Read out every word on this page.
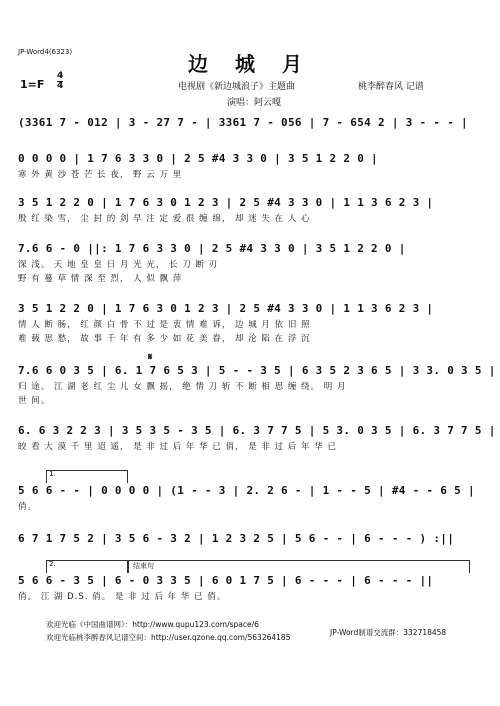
JP-Word4(6323)	边 城 月
1=F
4
4	电视剧《新边城浪子》主题曲
演唱：阿云嘎
桃李醉春风 记谱
(3361 7 - 012 | 3 - 27 7 - | 3361 7 - 056 | 7 - 654 2 | 3 - - - |
0 0 0 0 | 1 7 6 3 3 0 | 2 5 #4 3 3 0 | 3 5 1 2 2 0 |
寒 外 黄 沙 苍 芒 长 夜， 野 云 万 里
3 5 1 2 2 0 | 1 7 6 3 0 1 2 3 | 2 5 #4 3 3 0 | 1 1 3 6 2 3 |
殷 红 染 雪， 尘 封 的 剑 早 注 定 爱 很 缠 绵， 却 迷 失 在 人 心
7.6 6 - 0 ||: 1 7 6 3 3 0 | 2 5 #4 3 3 0 | 3 5 1 2 2 0 |
深 浅。 天 地 皇 皇 日 月 光 光， 长 刀 断 刃
野 有 蔓 草 情 深 至 烈， 人 似 飘 萍
3 5 1 2 2 0 | 1 7 6 3 0 1 2 3 | 2 5 #4 3 3 0 | 1 1 3 6 2 3 |
情 人 断 肠， 红 颜 白 骨 不 过 是 衷 情 难 诉， 边 城 月 依 旧 照
难 载 思 愁， 故 事 千 年 有 多 少 如 花 美 眷， 却 沦 陷 在 浮 沉
𝄋
7.6 6 0 3 5 | 6. 1 7 6 5 3 | 5 - - 3 5 | 6 3 5 2 3 6 5 | 3 3. 0 3 5 |
归 途。 江 湖 老 红 尘 儿 女 飘 摇， 绝 情 刀 斩 不 断 相 思 缠 绕。 明 月
世 间。
6. 6 3 2 2 3 | 3 5 3 5 - 3 5 | 6. 3 7 7 5 | 5 3. 0 3 5 | 6. 3 7 7 5 |
皎 看 大 漠 千 里 迢 遥， 是 非 过 后 年 华 已 俏， 是 非 过 后 年 华 已
1.
5 6 6 - - | 0 0 0 0 | (1 - - 3 | 2. 2 6 - | 1 - - 5 | #4 - - 6 5 |
俏。
6 7 1 7 5 2 | 3 5 6 - 3 2 | 1 2 3 2 5 | 5 6 - - | 6 - - - ) :||
2.	结束句
5 6 6 - 3 5 | 6 - 0 3 3 5 | 6 0 1 7 5 | 6 - - - | 6 - - - ||
俏。 江 湖 D.S. 俏。 是 非 过 后 年 华 已 俏。
欢迎光临《中国曲谱网》：http://www.qupu123.com/space/6
欢迎光临桃李醉春风记谱空间：http://user.qzone.qq.com/563264185
JP-Word制谱交流群：332718458
